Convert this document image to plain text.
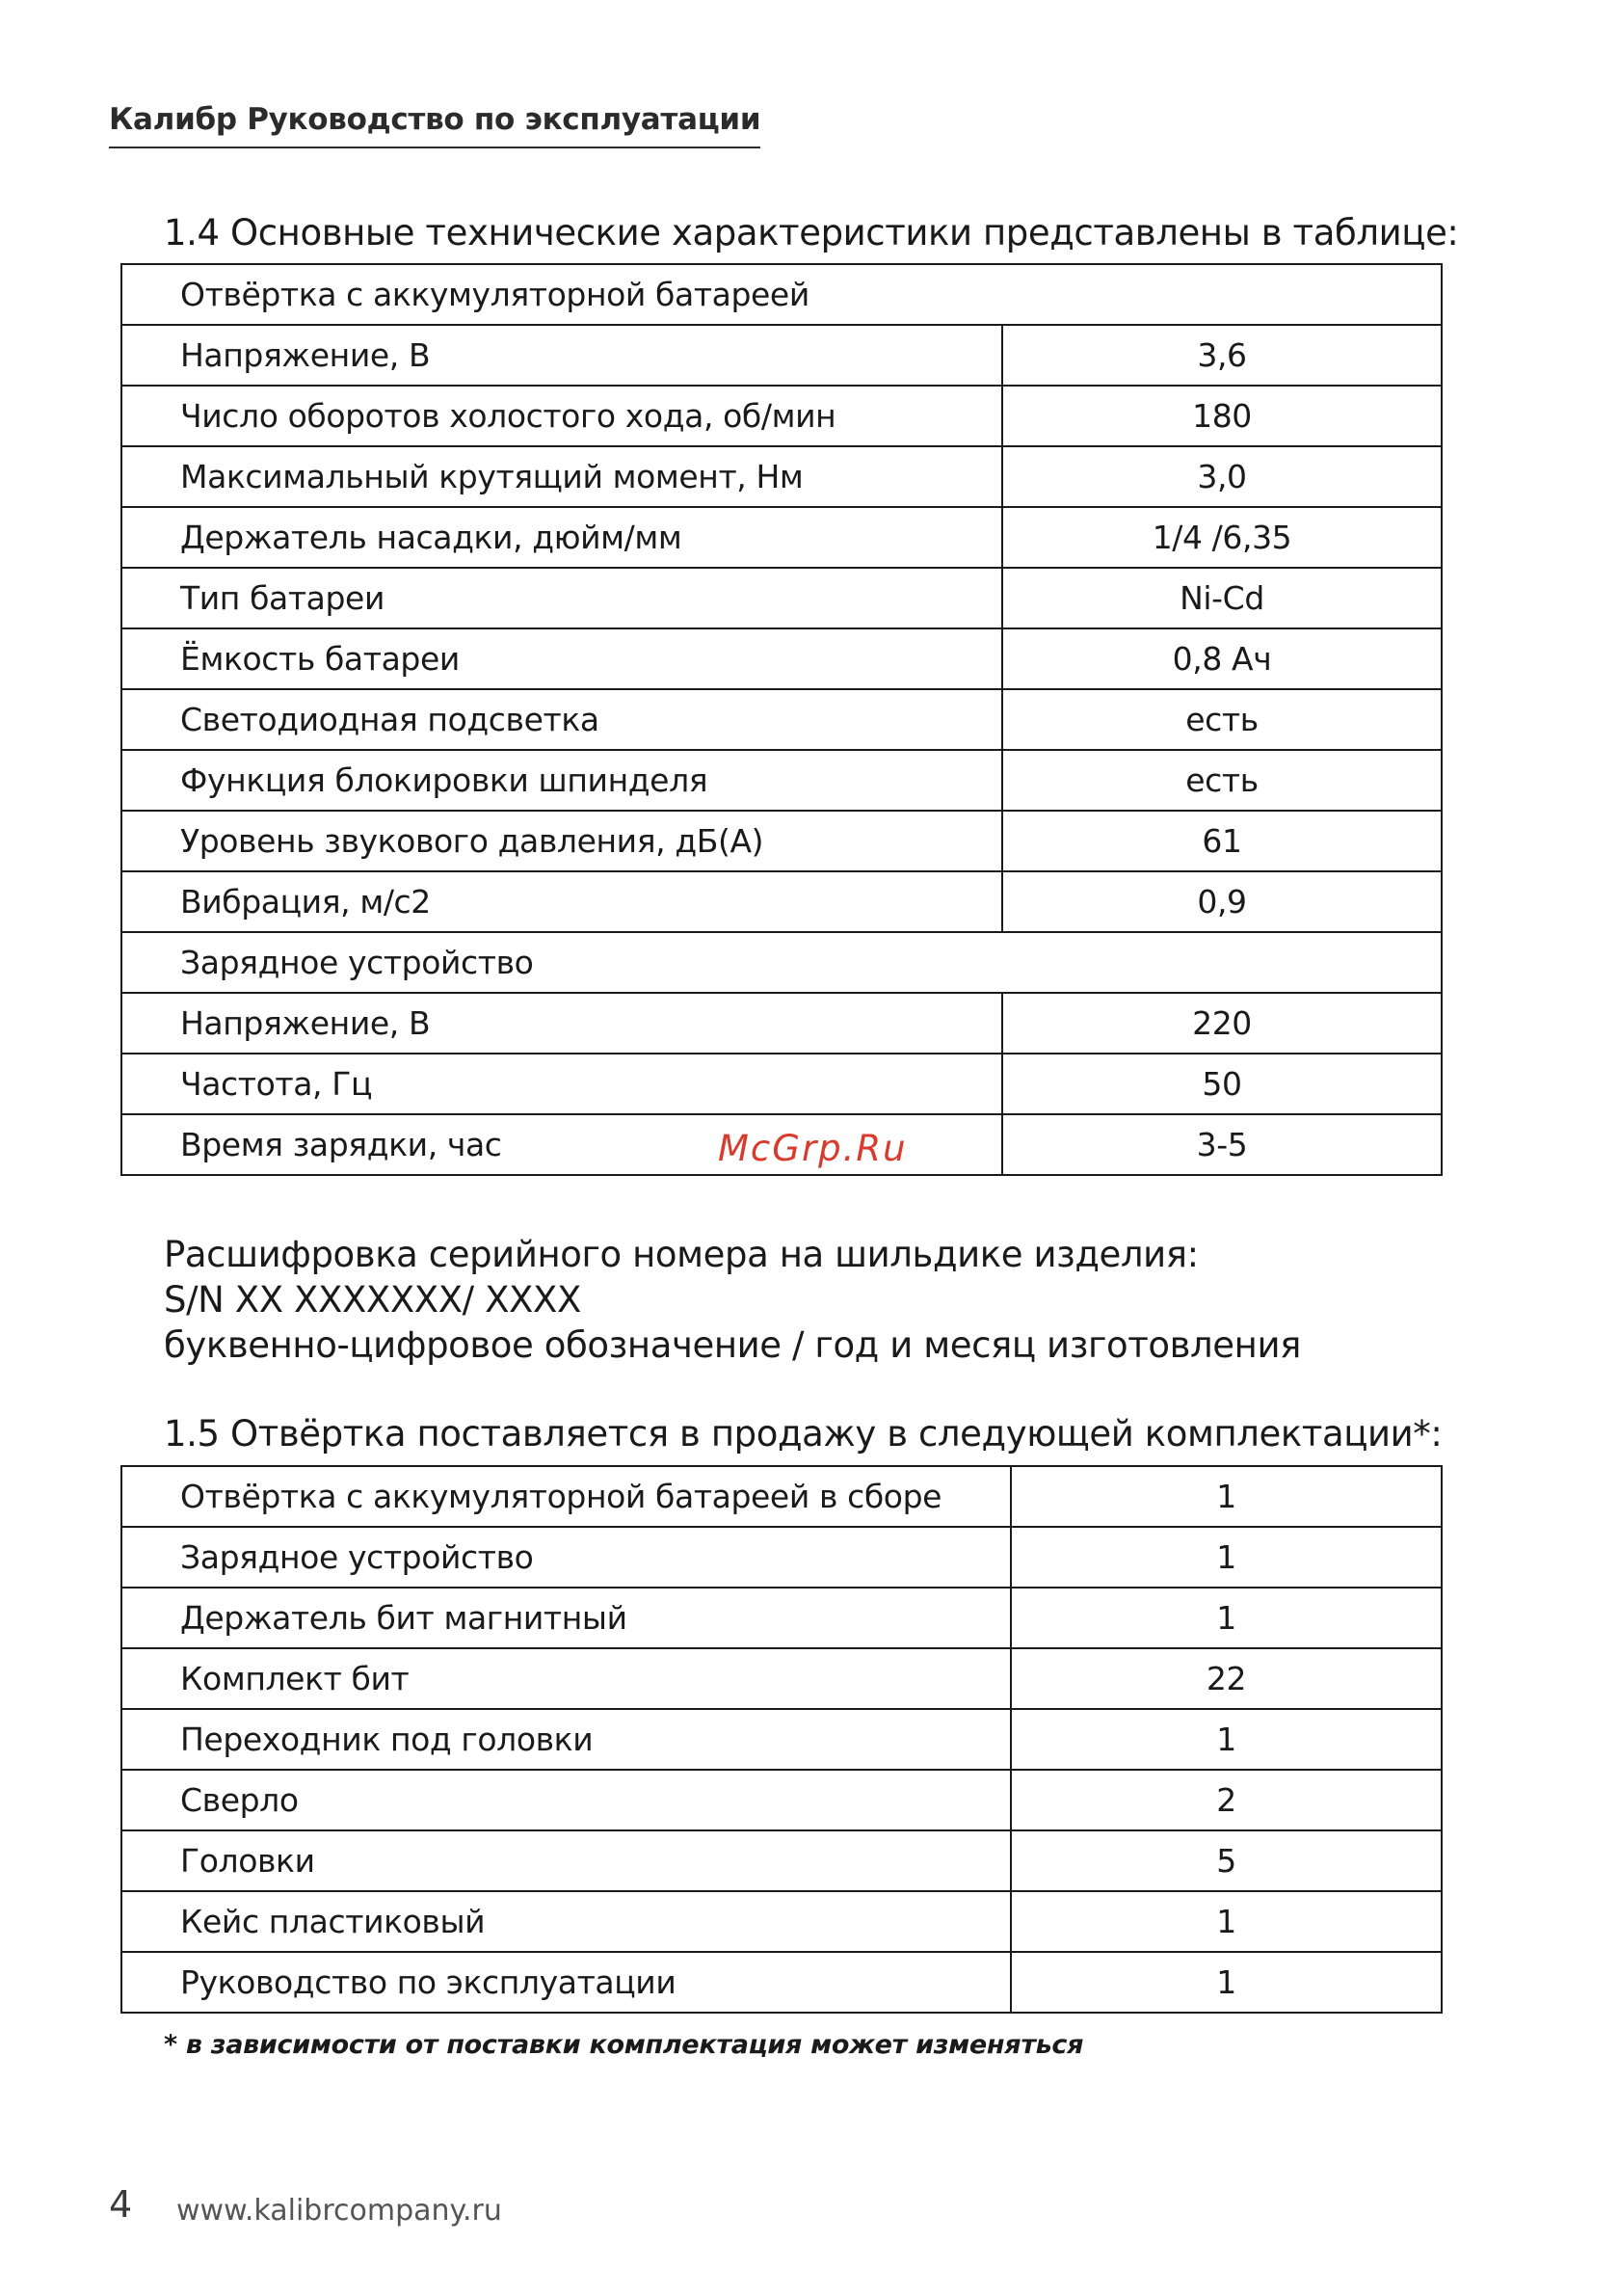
Калибр Руководство по эксплуатации
1.4 Основные технические характеристики представлены в таблице:
Отвёртка с аккумуляторной батареей	
Напряжение, В	3,6
Число оборотов холостого хода, об/мин	180
Максимальный крутящий момент, Нм	3,0
Держатель насадки, дюйм/мм	1/4 /6,35
Тип батареи	Ni-Cd
Ёмкость батареи	0,8 Ач
Светодиодная подсветка	есть
Функция блокировки шпинделя	есть
Уровень звукового давления, дБ(А)	61
Вибрация, м/с2	0,9
Зарядное устройство	
Напряжение, В	220
Частота, Гц	50
Время зарядки, час	3-5
McGrp.Ru
Расшифровка серийного номера на шильдике изделия:
S/N XX XXXXXXX/ XXXX
буквенно-цифровое обозначение / год и месяц изготовления
1.5 Отвёртка поставляется в продажу в следующей комплектации*:
Отвёртка с аккумуляторной батареей в сборе	1
Зарядное устройство	1
Держатель бит магнитный	1
Комплект бит	22
Переходник под головки	1
Сверло	2
Головки	5
Кейс пластиковый	1
Руководство по эксплуатации	1
* в зависимости от поставки комплектация может изменяться
4 www.kalibrcompany.ru
